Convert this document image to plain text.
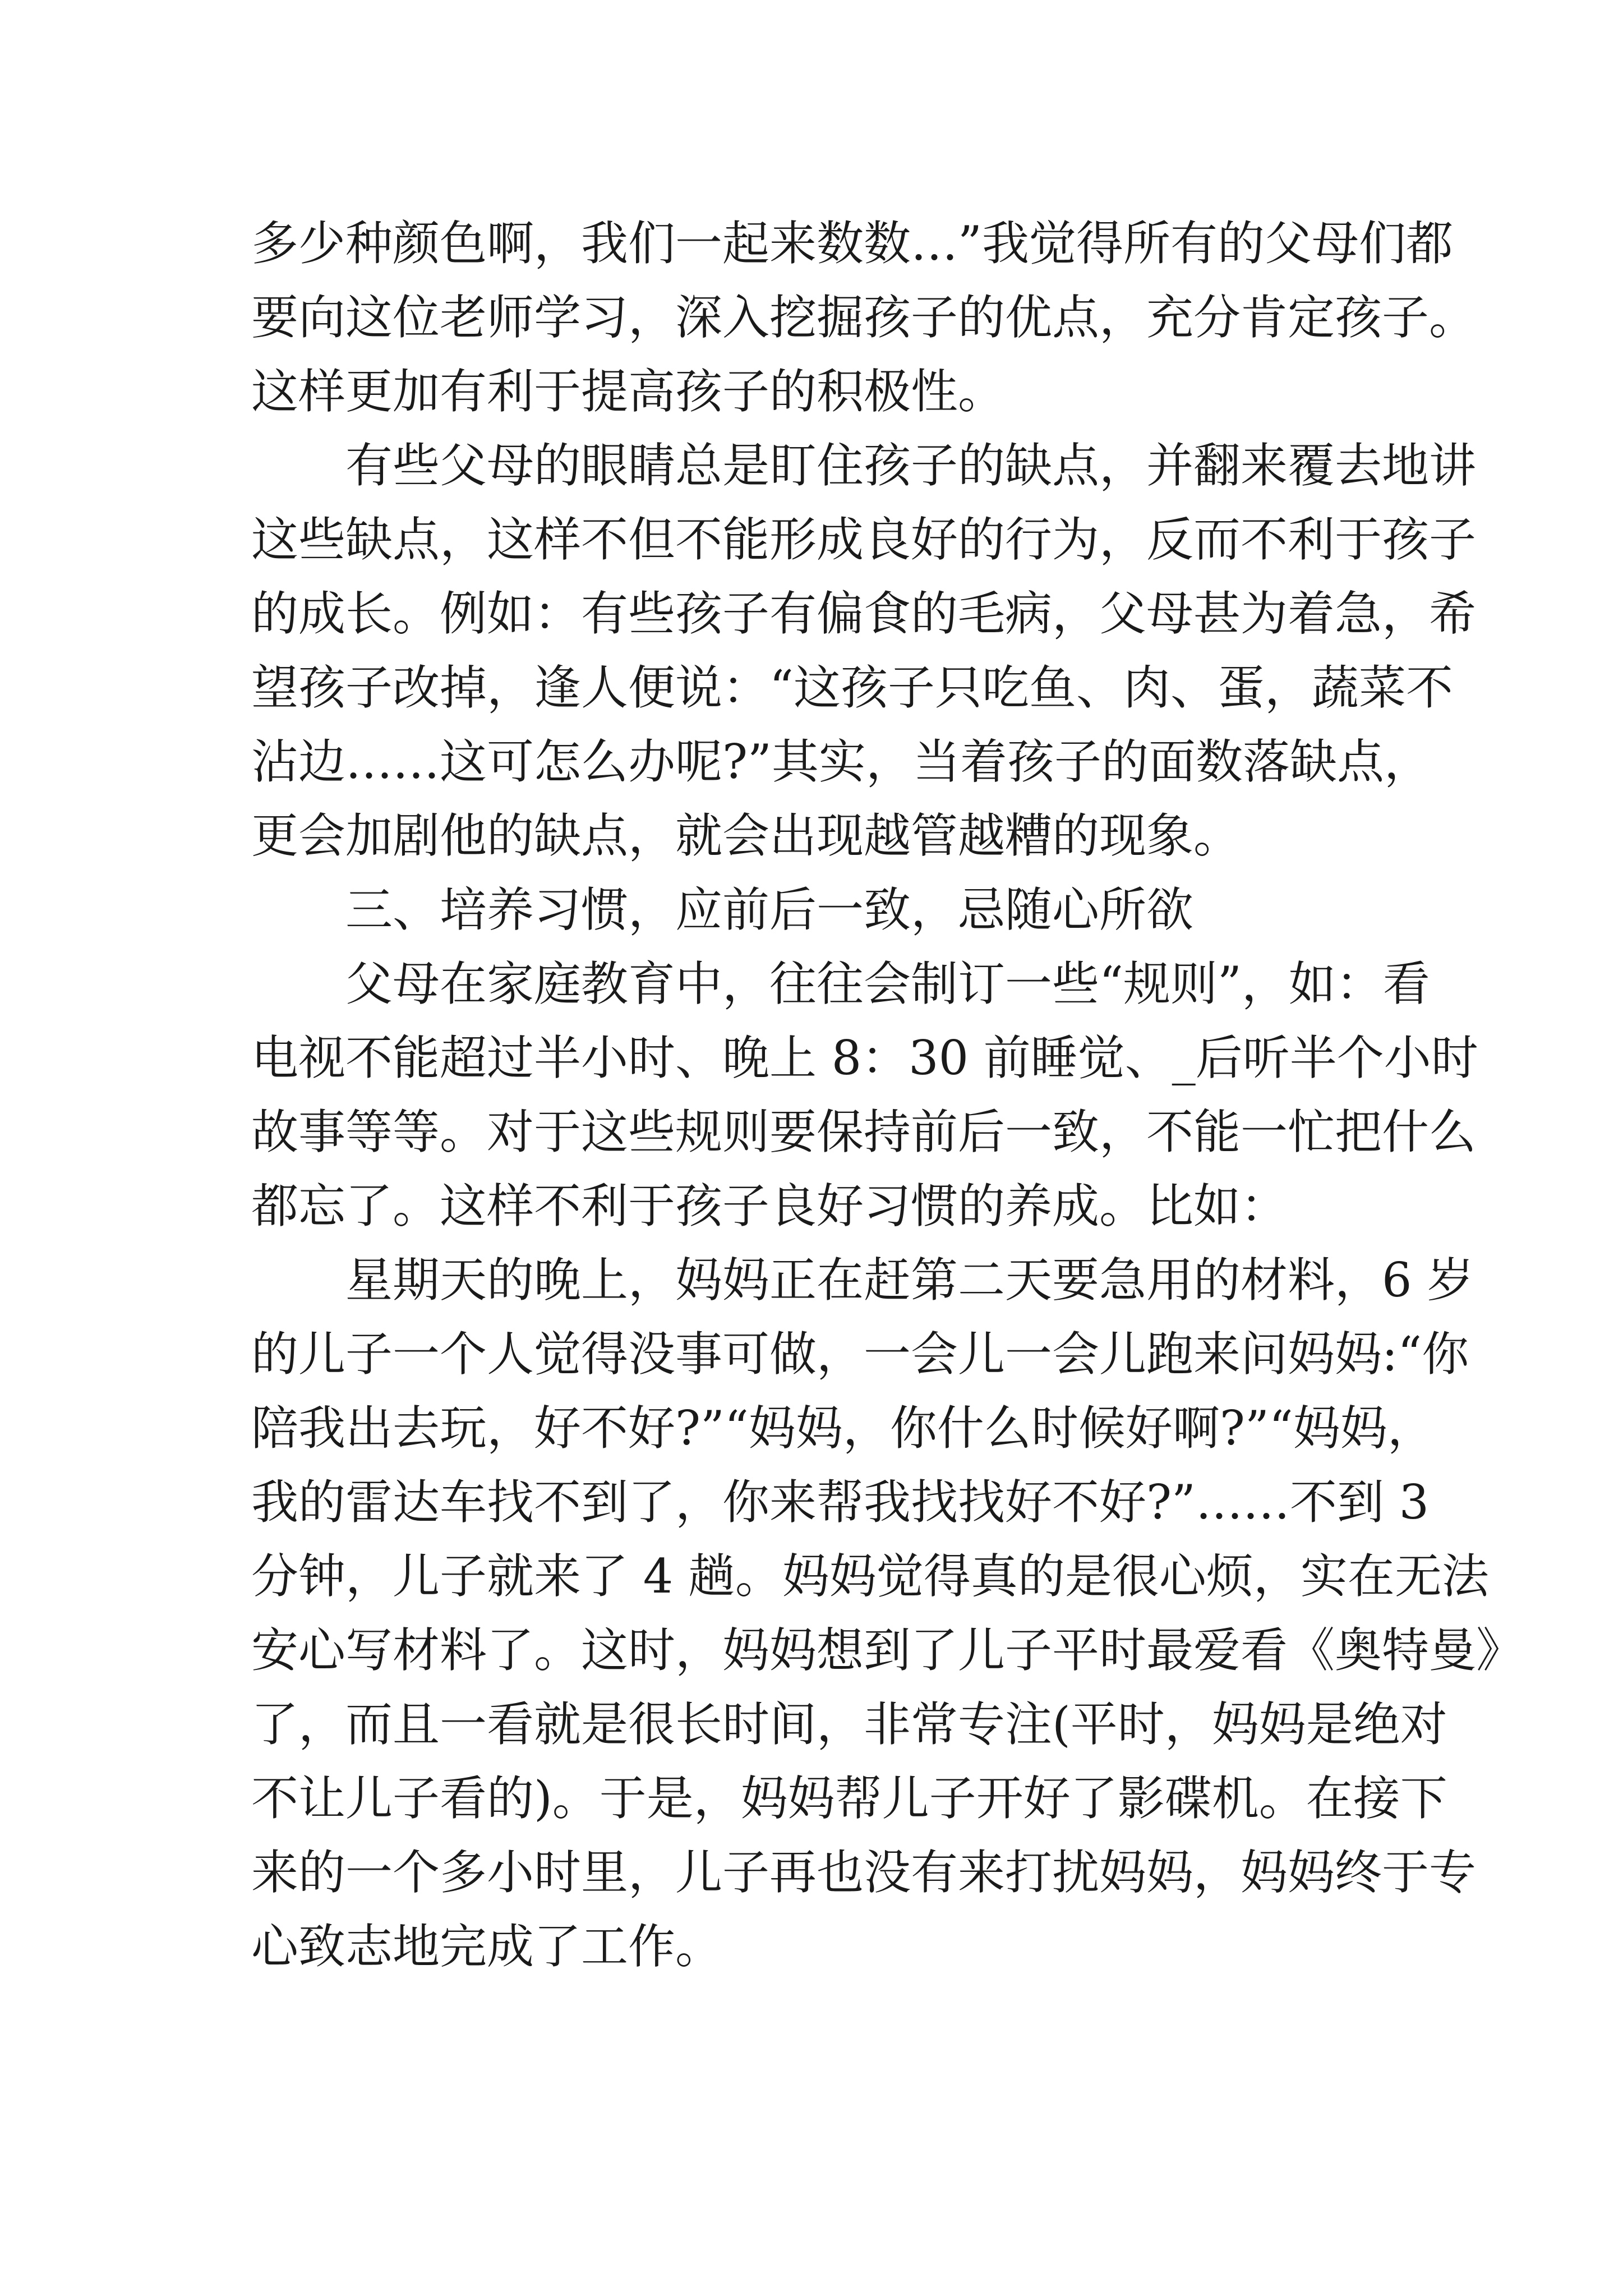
多少种颜色啊，我们一起来数数…”我觉得所有的父母们都
要向这位老师学习，深入挖掘孩子的优点，充分肯定孩子。
这样更加有利于提高孩子的积极性。
有些父母的眼睛总是盯住孩子的缺点，并翻来覆去地讲
这些缺点，这样不但不能形成良好的行为，反而不利于孩子
的成长。例如：有些孩子有偏食的毛病，父母甚为着急，希
望孩子改掉，逢人便说：“这孩子只吃鱼、肉、蛋，蔬菜不
沾边……这可怎么办呢?”其实，当着孩子的面数落缺点，
更会加剧他的缺点，就会出现越管越糟的现象。
三、培养习惯，应前后一致，忌随心所欲
父母在家庭教育中，往往会制订一些“规则”，如：看
电视不能超过半小时、晚上 8：30 前睡觉、_后听半个小时
故事等等。对于这些规则要保持前后一致，不能一忙把什么
都忘了。这样不利于孩子良好习惯的养成。比如：
星期天的晚上，妈妈正在赶第二天要急用的材料，6 岁
的儿子一个人觉得没事可做，一会儿一会儿跑来问妈妈:“你
陪我出去玩，好不好?”“妈妈，你什么时候好啊?”“妈妈，
我的雷达车找不到了，你来帮我找找好不好?”……不到 3
分钟，儿子就来了 4 趟。妈妈觉得真的是很心烦，实在无法
安心写材料了。这时，妈妈想到了儿子平时最爱看《奥特曼》
了，而且一看就是很长时间，非常专注(平时，妈妈是绝对
不让儿子看的)。于是，妈妈帮儿子开好了影碟机。在接下
来的一个多小时里，儿子再也没有来打扰妈妈，妈妈终于专
心致志地完成了工作。
